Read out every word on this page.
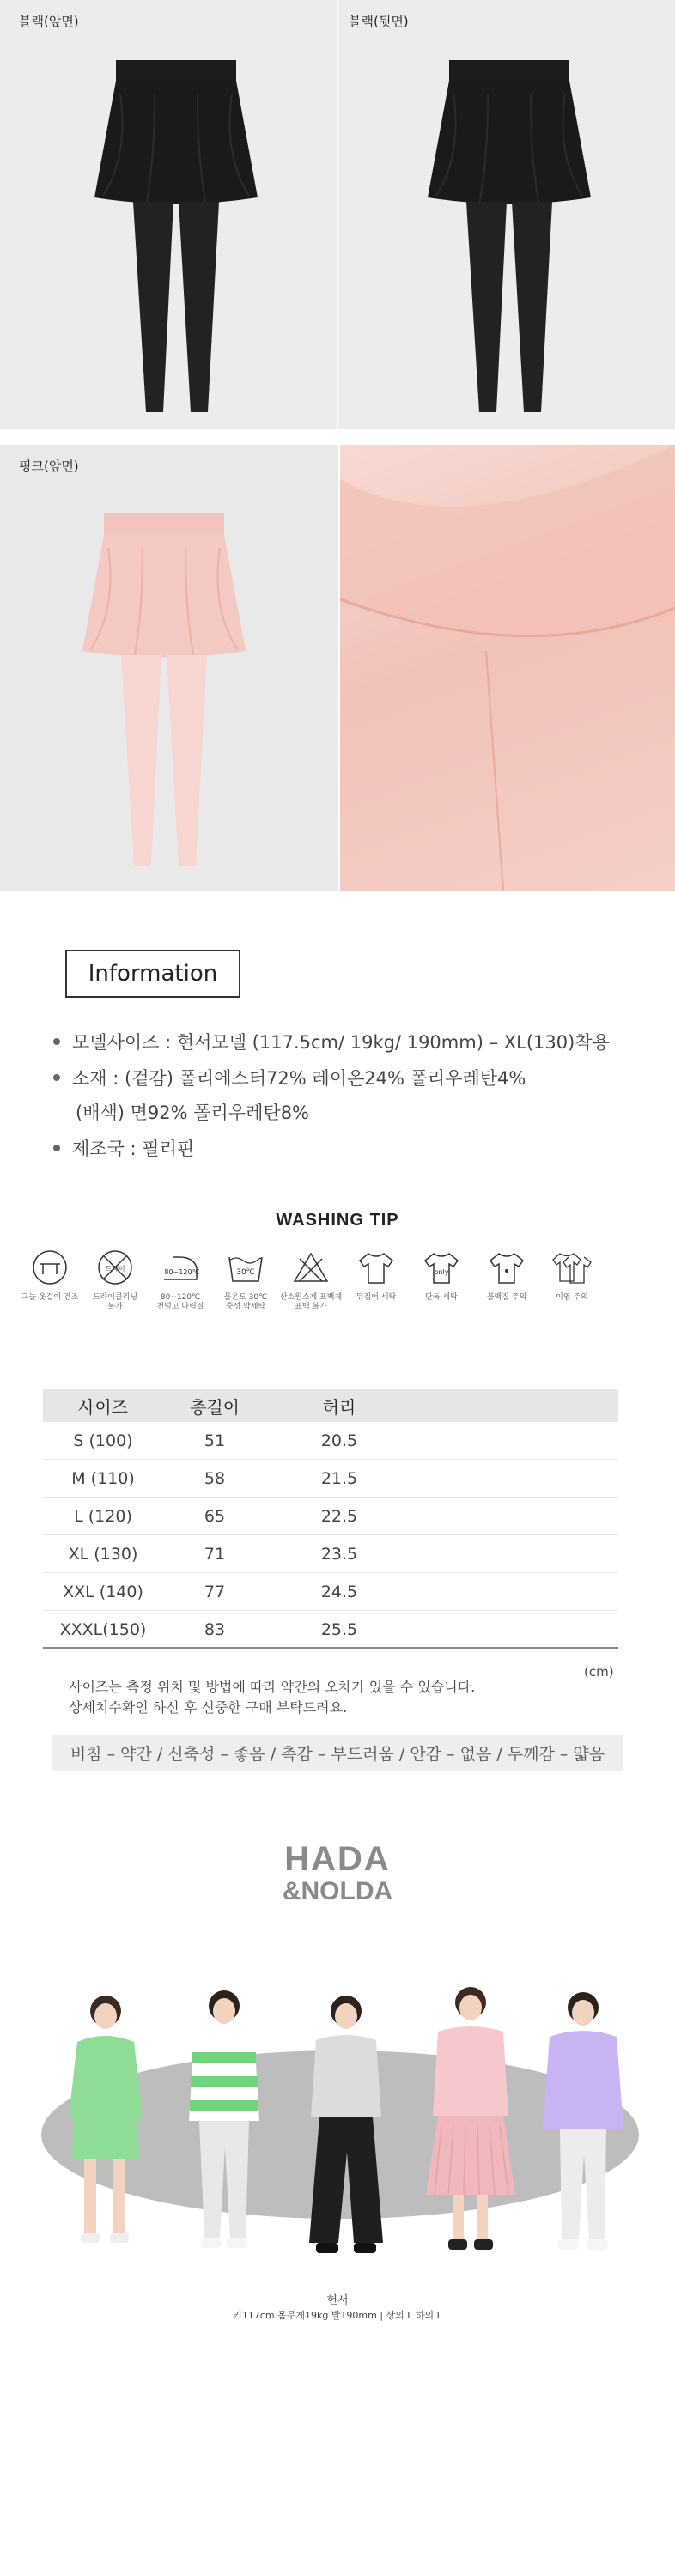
블랙(앞면)	블랙(뒷면)
핑크(앞면)
Information
모델사이즈 : 현서모델 (117.5cm/ 19kg/ 190mm) – XL(130)착용
소재 : (겉감) 폴리에스터72% 레이온24% 폴리우레탄4%
(배색) 면92% 폴리우레탄8%
제조국 : 필리핀
WASHING TIP
그늘 옷걸이 건조
드라이
드라이클리닝
불가
80~120℃
80~120℃
천덮고 다림질
30℃
물온도 30℃
중성 약세탁
산소원소계 표백제
표백 불가
뒤집어 세탁
only
단독 세탁	블백질 주의	이염 주의
사이즈	총길이	허리
S (100)	51	20.5
M (110)	58	21.5
L (120)	65	22.5
XL (130)	71	23.5
XXL (140)	77	24.5
XXXL(150)	83	25.5
(cm)
사이즈는 측정 위치 및 방법에 따라 약간의 오차가 있을 수 있습니다.
상세치수확인 하신 후 신중한 구매 부탁드려요.
비침 – 약간 / 신축성 – 좋음 / 촉감 – 부드러움 / 안감 – 없음 / 두께감 – 얇음
HADA
&NOLDA
현서
키117cm 몸무게19kg 발190mm | 상의 L 하의 L
